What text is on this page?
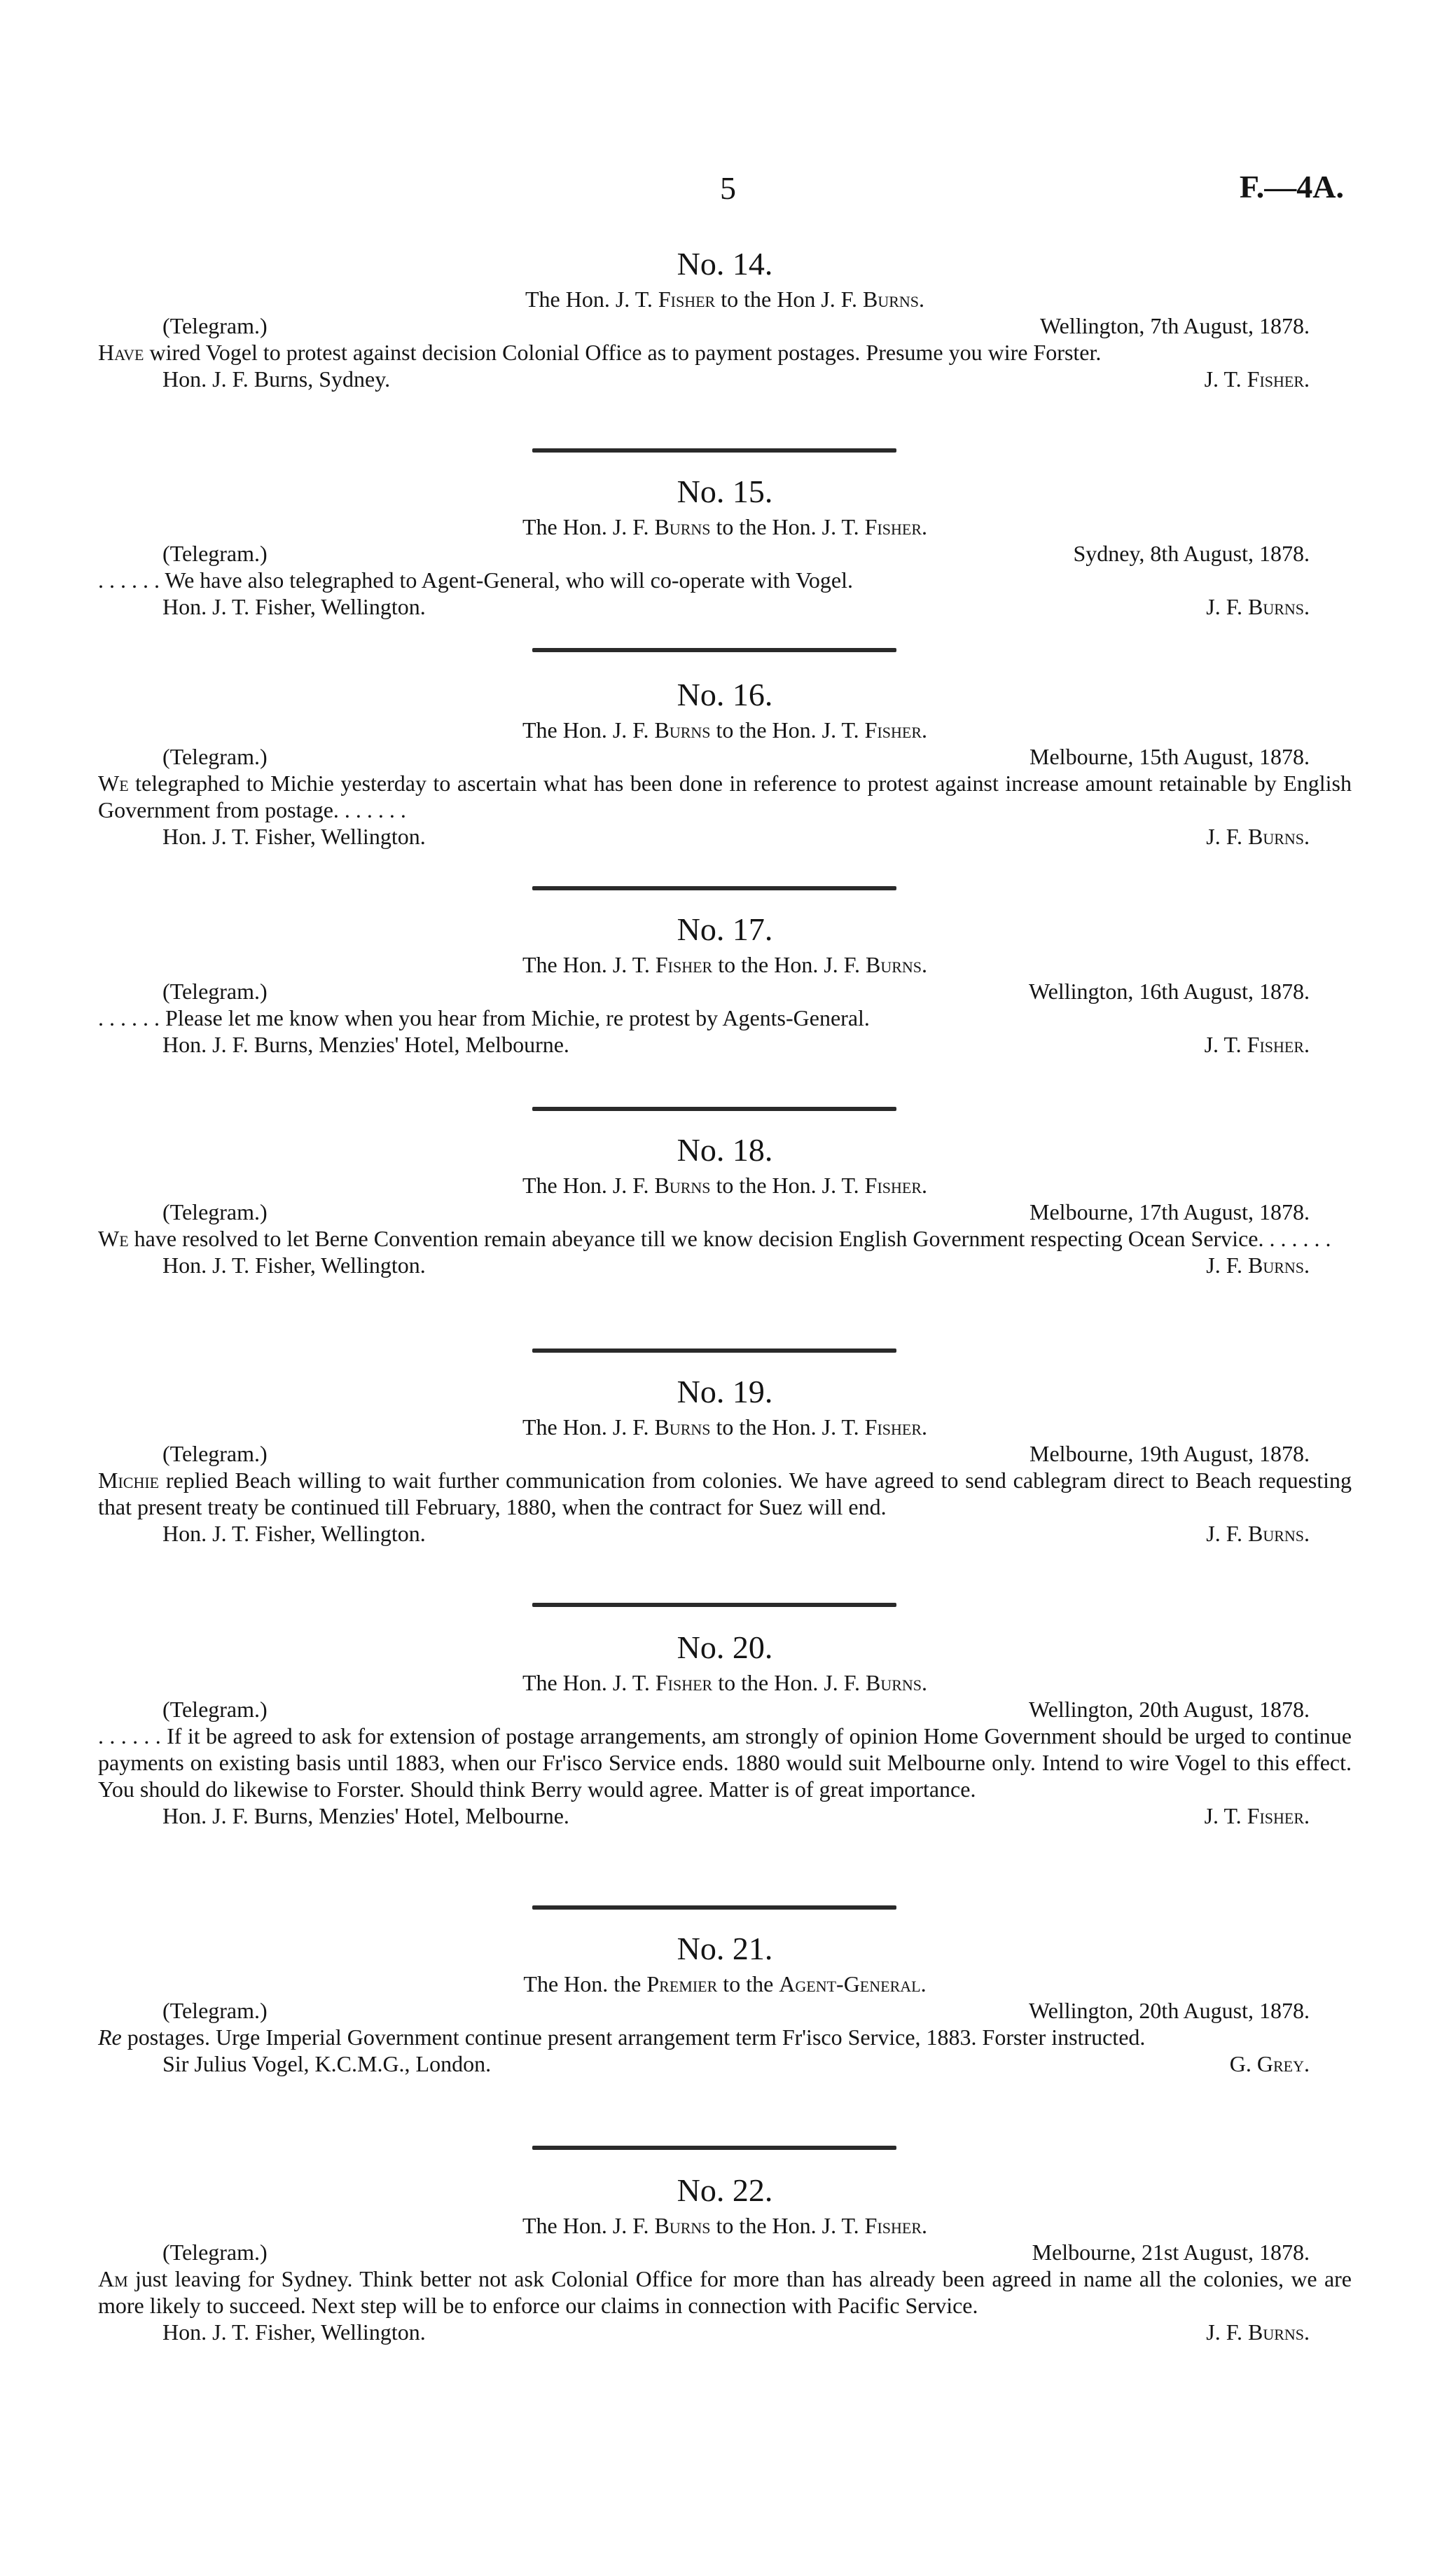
5	F.—4A.
No. 14.
The Hon. J. T. Fisher to the Hon J. F. Burns.
(Telegram.)	Wellington, 7th August, 1878.
Have wired Vogel to protest against decision Colonial Office as to payment postages. Presume you wire Forster.
Hon. J. F. Burns, Sydney.	J. T. Fisher.
No. 15.
The Hon. J. F. Burns to the Hon. J. T. Fisher.
(Telegram.)	Sydney, 8th August, 1878.
. . . . . . We have also telegraphed to Agent-General, who will co-operate with Vogel.
Hon. J. T. Fisher, Wellington.	J. F. Burns.
No. 16.
The Hon. J. F. Burns to the Hon. J. T. Fisher.
(Telegram.)	Melbourne, 15th August, 1878.
We telegraphed to Michie yesterday to ascertain what has been done in reference to protest against increase amount retainable by English Government from postage. . . . . . .
Hon. J. T. Fisher, Wellington.	J. F. Burns.
No. 17.
The Hon. J. T. Fisher to the Hon. J. F. Burns.
(Telegram.)	Wellington, 16th August, 1878.
. . . . . . Please let me know when you hear from Michie, re protest by Agents-General.
Hon. J. F. Burns, Menzies' Hotel, Melbourne.	J. T. Fisher.
No. 18.
The Hon. J. F. Burns to the Hon. J. T. Fisher.
(Telegram.)	Melbourne, 17th August, 1878.
We have resolved to let Berne Convention remain abeyance till we know decision English Government respecting Ocean Service. . . . . . .
Hon. J. T. Fisher, Wellington.	J. F. Burns.
No. 19.
The Hon. J. F. Burns to the Hon. J. T. Fisher.
(Telegram.)	Melbourne, 19th August, 1878.
Michie replied Beach willing to wait further communication from colonies. We have agreed to send cablegram direct to Beach requesting that present treaty be continued till February, 1880, when the contract for Suez will end.
Hon. J. T. Fisher, Wellington.	J. F. Burns.
No. 20.
The Hon. J. T. Fisher to the Hon. J. F. Burns.
(Telegram.)	Wellington, 20th August, 1878.
. . . . . . If it be agreed to ask for extension of postage arrangements, am strongly of opinion Home Government should be urged to continue payments on existing basis until 1883, when our Fr'isco Service ends. 1880 would suit Melbourne only. Intend to wire Vogel to this effect. You should do likewise to Forster. Should think Berry would agree. Matter is of great importance.
Hon. J. F. Burns, Menzies' Hotel, Melbourne.	J. T. Fisher.
No. 21.
The Hon. the Premier to the Agent-General.
(Telegram.)	Wellington, 20th August, 1878.
Re postages. Urge Imperial Government continue present arrangement term Fr'isco Service, 1883. Forster instructed.
Sir Julius Vogel, K.C.M.G., London.	G. Grey.
No. 22.
The Hon. J. F. Burns to the Hon. J. T. Fisher.
(Telegram.)	Melbourne, 21st August, 1878.
Am just leaving for Sydney. Think better not ask Colonial Office for more than has already been agreed in name all the colonies, we are more likely to succeed. Next step will be to enforce our claims in connection with Pacific Service.
Hon. J. T. Fisher, Wellington.	J. F. Burns.
